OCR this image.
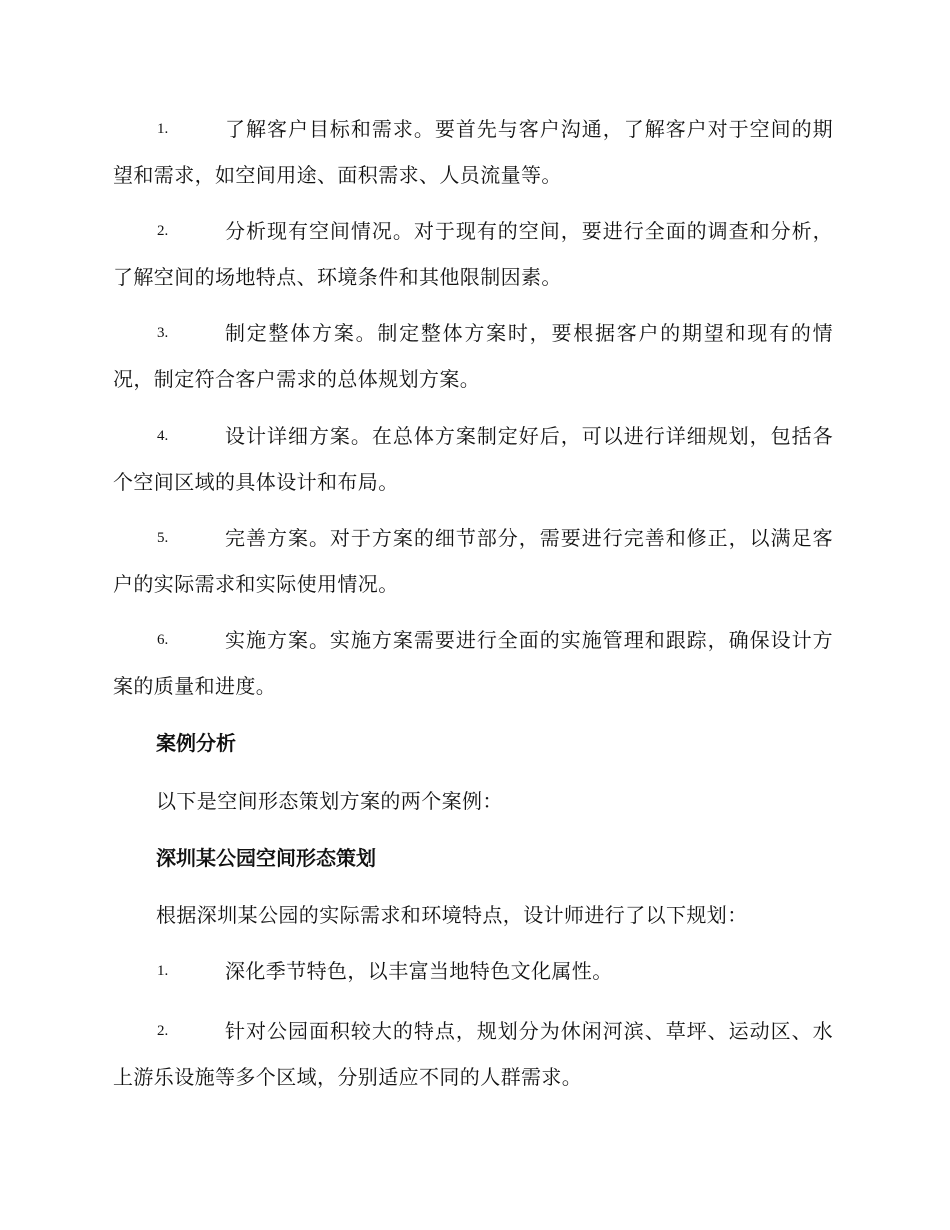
1.	了解客户目标和需求。要首先与客户沟通，了解客户对于空间的期望和需求，如空间用途、面积需求、人员流量等。
2.	分析现有空间情况。对于现有的空间，要进行全面的调查和分析，了解空间的场地特点、环境条件和其他限制因素。
3.	制定整体方案。制定整体方案时，要根据客户的期望和现有的情况，制定符合客户需求的总体规划方案。
4.	设计详细方案。在总体方案制定好后，可以进行详细规划，包括各个空间区域的具体设计和布局。
5.	完善方案。对于方案的细节部分，需要进行完善和修正，以满足客户的实际需求和实际使用情况。
6.	实施方案。实施方案需要进行全面的实施管理和跟踪，确保设计方案的质量和进度。
案例分析
以下是空间形态策划方案的两个案例：
深圳某公园空间形态策划
根据深圳某公园的实际需求和环境特点，设计师进行了以下规划：
1.	深化季节特色，以丰富当地特色文化属性。
2.	针对公园面积较大的特点，规划分为休闲河滨、草坪、运动区、水上游乐设施等多个区域，分别适应不同的人群需求。
